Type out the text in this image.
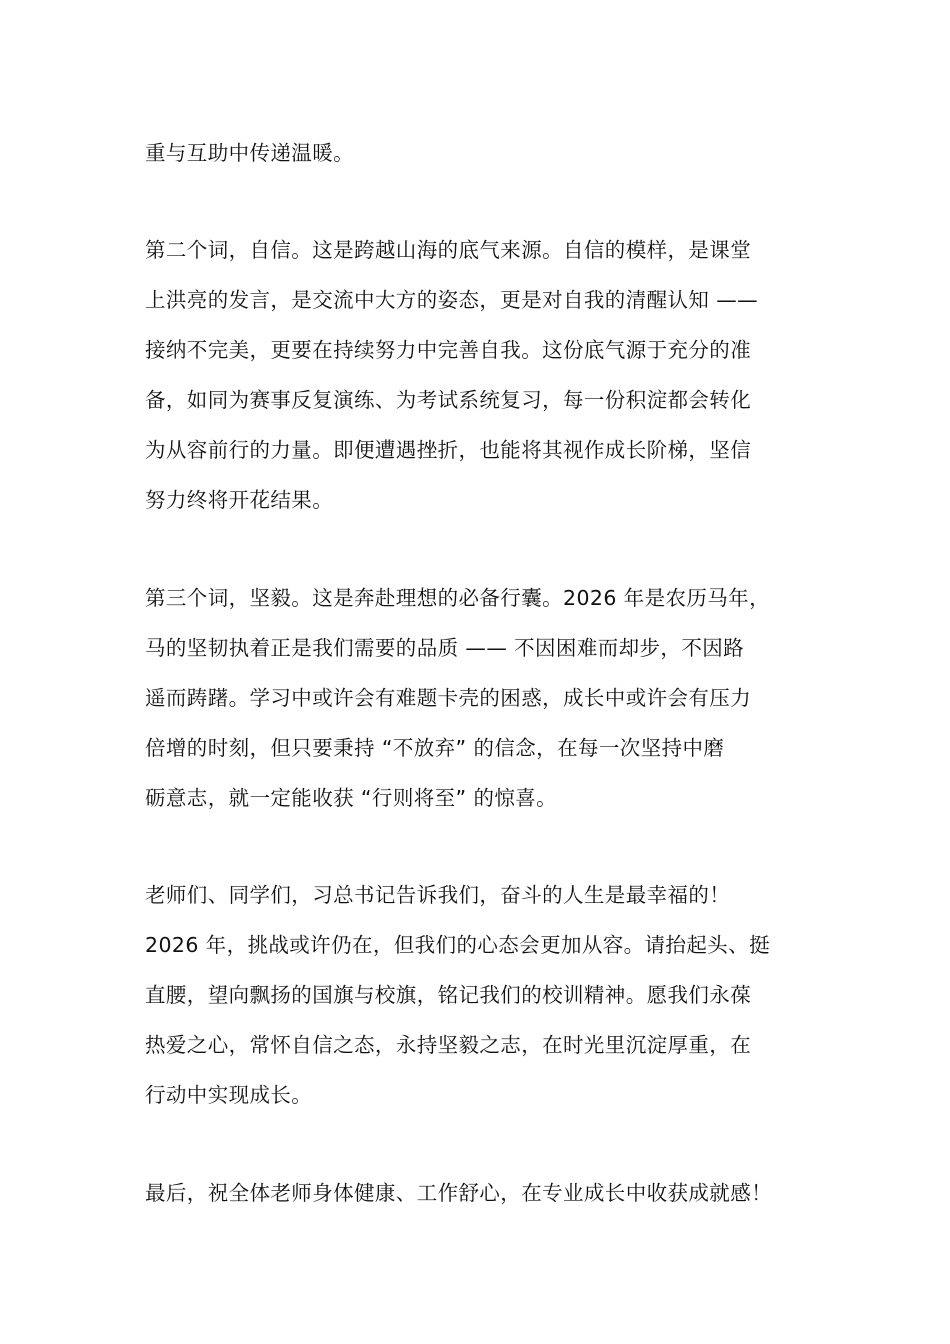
重与互助中传递温暖。
第二个词，自信。这是跨越山海的底气来源。自信的模样，是课堂
上洪亮的发言，是交流中大方的姿态，更是对自我的清醒认知 ——
接纳不完美，更要在持续努力中完善自我。这份底气源于充分的准
备，如同为赛事反复演练、为考试系统复习，每一份积淀都会转化
为从容前行的力量。即便遭遇挫折，也能将其视作成长阶梯，坚信
努力终将开花结果。
第三个词，坚毅。这是奔赴理想的必备行囊。2026 年是农历马年，
马的坚韧执着正是我们需要的品质 —— 不因困难而却步，不因路
遥而踌躇。学习中或许会有难题卡壳的困惑，成长中或许会有压力
倍增的时刻，但只要秉持 “不放弃” 的信念，在每一次坚持中磨
砺意志，就一定能收获 “行则将至” 的惊喜。
老师们、同学们，习总书记告诉我们，奋斗的人生是最幸福的！
2026 年，挑战或许仍在，但我们的心态会更加从容。请抬起头、挺
直腰，望向飘扬的国旗与校旗，铭记我们的校训精神。愿我们永葆
热爱之心，常怀自信之态，永持坚毅之志，在时光里沉淀厚重，在
行动中实现成长。
最后，祝全体老师身体健康、工作舒心，在专业成长中收获成就感！
